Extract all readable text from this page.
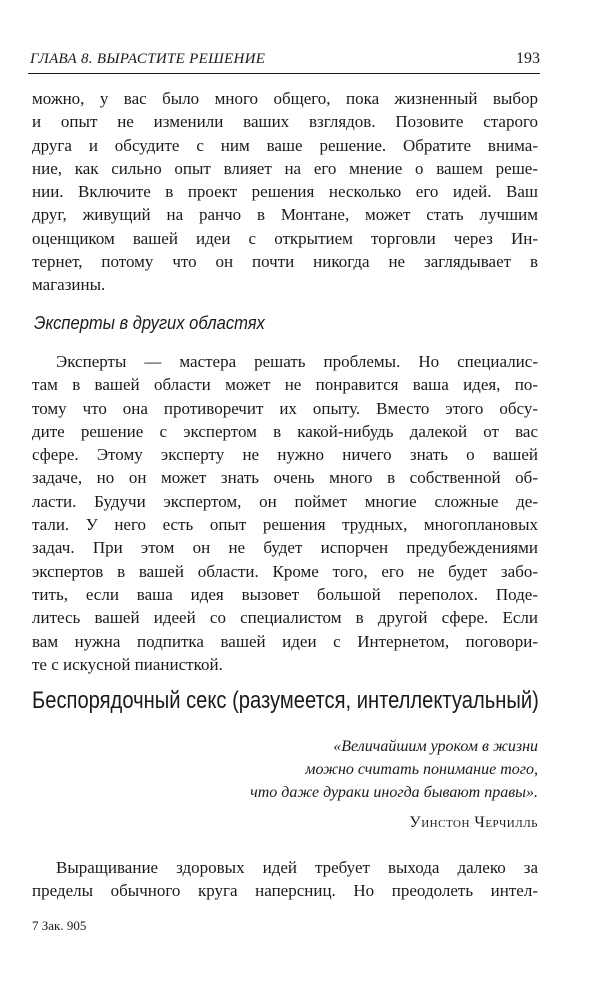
ГЛАВА 8. ВЫРАСТИТЕ РЕШЕНИЕ	193
можно, у вас было много общего, пока жизненный выбор
и опыт не изменили ваших взглядов. Позовите старого
друга и обсудите с ним ваше решение. Обратите внима-
ние, как сильно опыт влияет на его мнение о вашем реше-
нии. Включите в проект решения несколько его идей. Ваш
друг, живущий на ранчо в Монтане, может стать лучшим
оценщиком вашей идеи с открытием торговли через Ин-
тернет, потому что он почти никогда не заглядывает в
магазины.
Эксперты в других областях
Эксперты — мастера решать проблемы. Но специалис-
там в вашей области может не понравится ваша идея, по-
тому что она противоречит их опыту. Вместо этого обсу-
дите решение с экспертом в какой-нибудь далекой от вас
сфере. Этому эксперту не нужно ничего знать о вашей
задаче, но он может знать очень много в собственной об-
ласти. Будучи экспертом, он поймет многие сложные де-
тали. У него есть опыт решения трудных, многоплановых
задач. При этом он не будет испорчен предубеждениями
экспертов в вашей области. Кроме того, его не будет забо-
тить, если ваша идея вызовет большой переполох. Поде-
литесь вашей идеей со специалистом в другой сфере. Если
вам нужна подпитка вашей идеи с Интернетом, поговори-
те с искусной пианисткой.
Беспорядочный секс (разумеется, интеллектуальный)
«Величайшим уроком в жизни
можно считать понимание того,
что даже дураки иногда бывают правы».
Уинстон Черчилль
Выращивание здоровых идей требует выхода далеко за
пределы обычного круга наперсниц. Но преодолеть интел-
7 Зак. 905
